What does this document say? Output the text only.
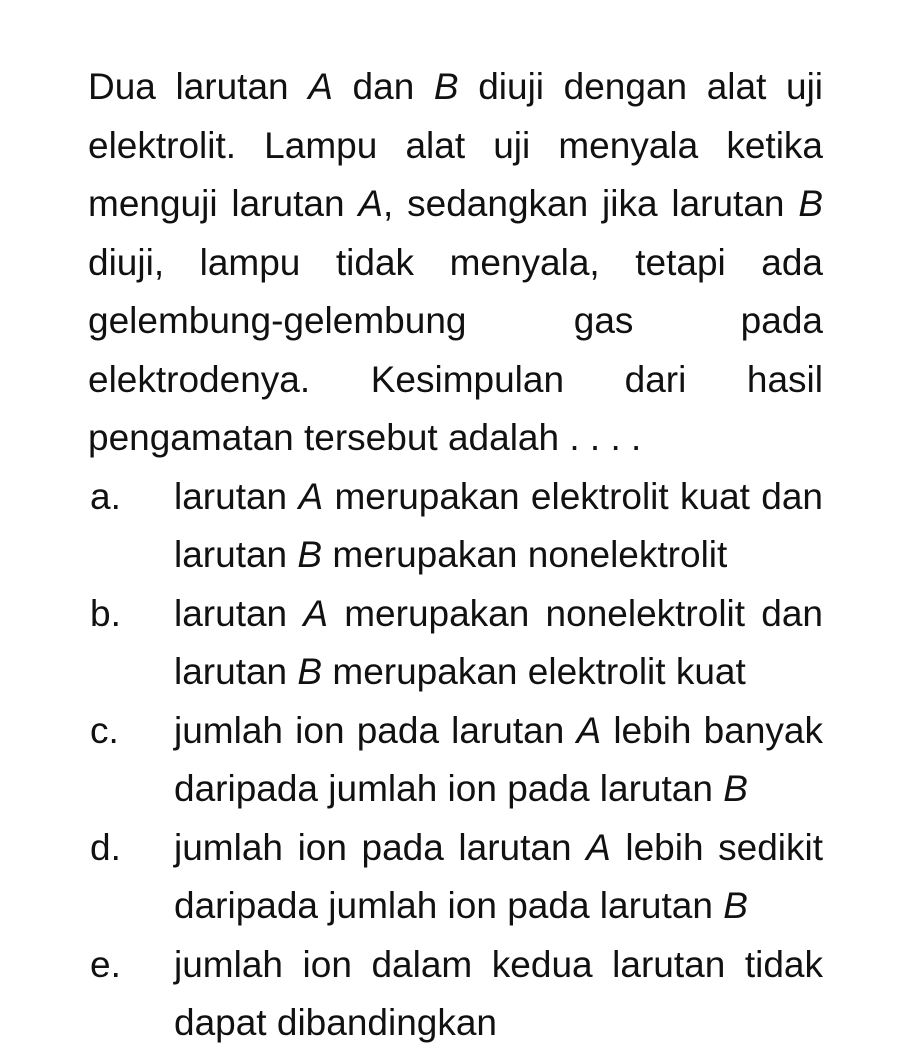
Dua larutan A dan B diuji dengan alat uji elektrolit. Lampu alat uji menyala ketika menguji larutan A, sedangkan jika larutan B diuji, lampu tidak menyala, tetapi ada gelembung-gelembung gas pada elektrodenya. Kesimpulan dari hasil pengamatan tersebut adalah . . . .

a.	larutan A merupakan elektrolit kuat dan larutan B merupakan nonelektrolit
b.	larutan A merupakan nonelektrolit dan larutan B merupakan elektrolit kuat
c.	jumlah ion pada larutan A lebih banyak daripada jumlah ion pada larutan B
d.	jumlah ion pada larutan A lebih sedikit daripada jumlah ion pada larutan B
e.	jumlah ion dalam kedua larutan tidak dapat dibandingkan
